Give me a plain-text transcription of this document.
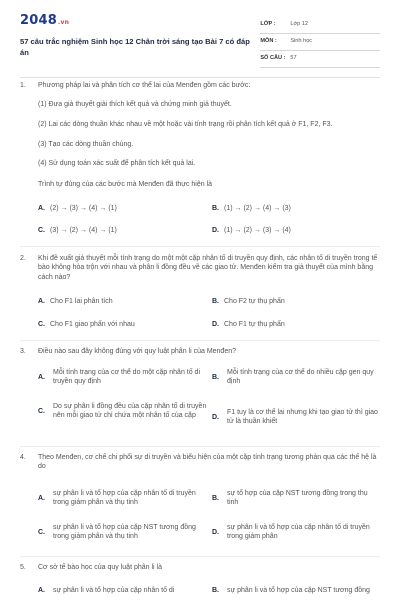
2048.vn
57 câu trắc nghiệm Sinh học 12 Chân trời sáng tạo Bài 7 có đáp án
LỚP :	Lớp 12
MÔN :	Sinh học
SỐ CÂU : 57
1.	Phương pháp lai và phân tích cơ thể lai của Menđen gồm các bước:
(1) Đưa giả thuyết giải thích kết quả và chứng minh giả thuyết.
(2) Lai các dòng thuần khác nhau về một hoặc vài tính trạng rồi phân tích kết quả ở F1, F2, F3.
(3) Tạo các dòng thuần chủng.
(4) Sử dụng toán xác suất để phân tích kết quả lai.
Trình tự đúng của các bước mà Menđen đã thực hiện là
A. (2) → (3) → (4) → (1)	B. (1) → (2) → (4) → (3)
C. (3) → (2) → (4) → (1)	D. (1) → (2) → (3) → (4)
2.	Khi đề xuất giả thuyết mỗi tính trạng do một một cặp nhân tố di truyền quy định, các nhân tố di truyền trong tế bào không hòa trộn với nhau và phân li đồng đều về các giao tử. Menđen kiểm tra giả thuyết của mình bằng cách nào?
A. Cho F1 lai phân tích	B. Cho F2 tự thụ phấn
C. Cho F1 giao phấn với nhau	D. Cho F1 tự thụ phấn
3.	Điều nào sau đây không đúng với quy luật phân li của Menđen?
A.
Mỗi tính trạng của cơ thể do một cặp nhân tố di truyền quy định
B.
Mỗi tính trạng của cơ thể do nhiều cặp gen quy định
C.
Do sự phân li đồng đều của cặp nhân tố di truyền nên mỗi giao tử chỉ chứa một nhân tố của cặp	D.
F1 tuy là cơ thể lai nhưng khi tạo giao tử thì giao tử là thuần khiết
4.	Theo Menđen, cơ chế chi phối sự di truyền và biểu hiện của một cặp tính trạng tương phản qua các thế hệ là do
A.
sự phân li và tổ hợp của cặp nhân tố di truyền trong giảm phân và thụ tinh
B.
sự tổ hợp của cặp NST tương đồng trong thụ tinh
C.
sự phân li và tổ hợp của cặp NST tương đồng trong giảm phân và thụ tinh
D.
sự phân li và tổ hợp của cặp nhân tố di truyền trong giảm phân
5.	Cơ sở tế bào học của quy luật phân li là
A.	sự phân li và tổ hợp của cặp nhân tố di	B.	sự phân li và tổ hợp của cặp NST tương đồng
